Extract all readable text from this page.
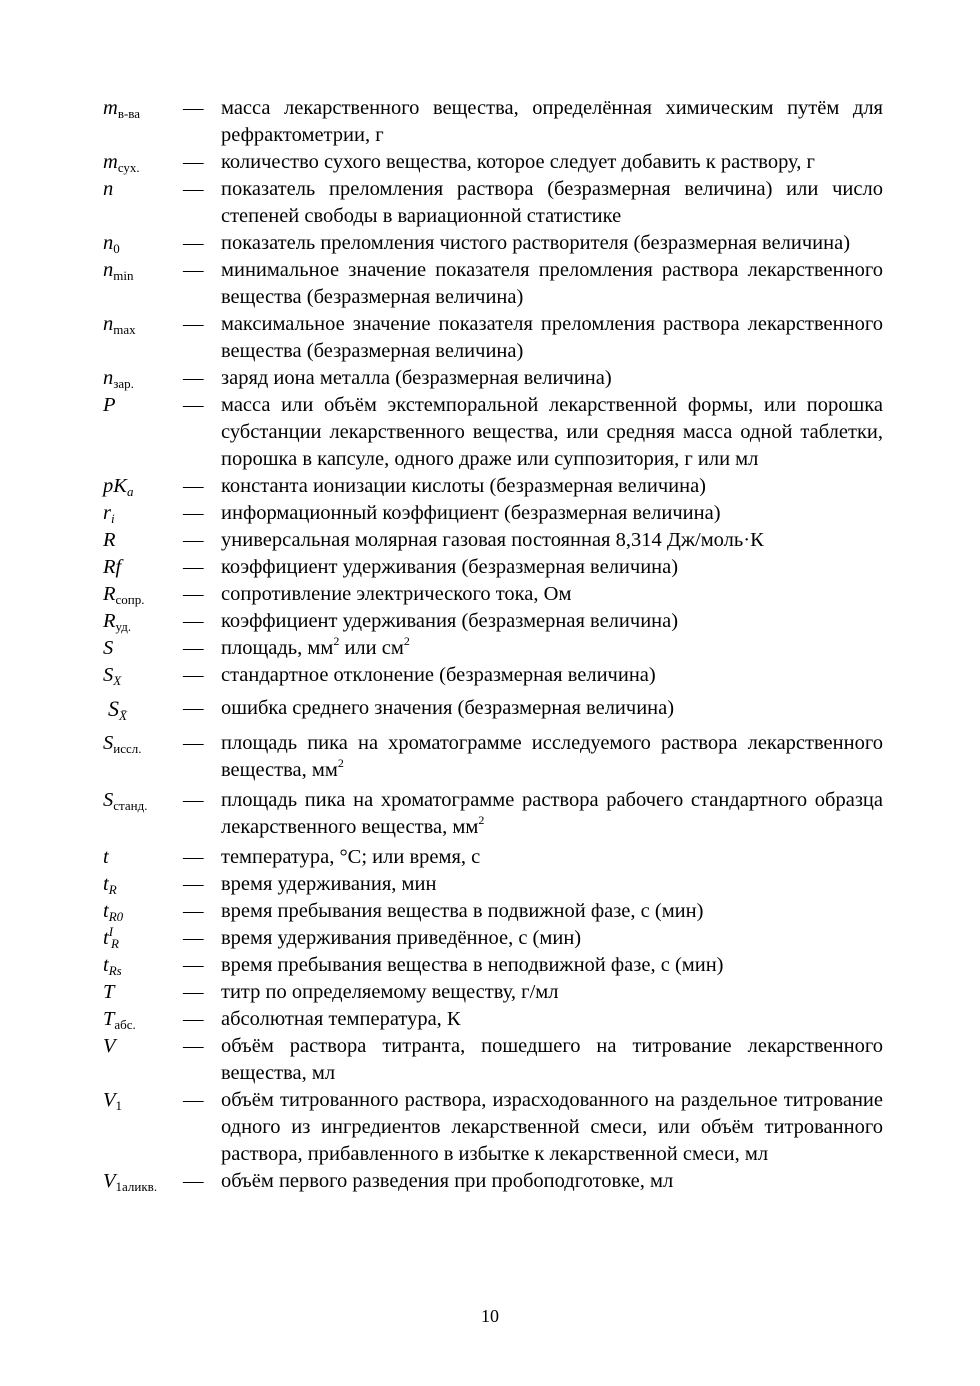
$m_{в-ва}$	— масса лекарственного вещества, определённая химическим путём для рефрактометрии, г
$m_{сух.}$	— количество сухого вещества, которое следует добавить к раствору, г
n	— показатель преломления раствора (безразмерная величина) или число степеней свободы в вариационной статистике
$n_0$	— показатель преломления чистого растворителя (безразмерная величина)
$n_{min}$	— минимальное значение показателя преломления раствора лекарственного вещества (безразмерная величина)
$n_{max}$	— максимальное значение показателя преломления раствора лекарственного вещества (безразмерная величина)
$n_{зар.}$	— заряд иона металла (безразмерная величина)
P	— масса или объём экстемпоральной лекарственной формы, или порошка субстанции лекарственного вещества, или средняя масса одной таблетки, порошка в капсуле, одного драже или суппозитория, г или мл
$pK_a$	— константа ионизации кислоты (безразмерная величина)
$r_i$	— информационный коэффициент (безразмерная величина)
R	— универсальная молярная газовая постоянная 8,314 Дж/моль·К
Rf	— коэффициент удерживания (безразмерная величина)
$R_{сопр.}$	— сопротивление электрического тока, Ом
$R_{уд.}$	— коэффициент удерживания (безразмерная величина)
S	— площадь, $мм^2$ или $см^2$
$S_X$	— стандартное отклонение (безразмерная величина)
$S_{X̄}$	— ошибка среднего значения (безразмерная величина)
$S_{иссл.}$	— площадь пика на хроматограмме исследуемого раствора лекарственного вещества, $мм^2$
$S_{станд.}$	— площадь пика на хроматограмме раствора рабочего стандартного образца лекарственного вещества, $мм^2$
t	— температура, °С; или время, с
$t_R$	— время удерживания, мин
$t_{R0}$	— время пребывания вещества в подвижной фазе, с (мин)
$t^I_R$	— время удерживания приведённое, с (мин)
$t_{Rs}$	— время пребывания вещества в неподвижной фазе, с (мин)
T	— титр по определяемому веществу, г/мл
$T_{абс.}$	— абсолютная температура, К
V	— объём раствора титранта, пошедшего на титрование лекарственного вещества, мл
$V_1$	— объём титрованного раствора, израсходованного на раздельное титрование одного из ингредиентов лекарственной смеси, или объём титрованного раствора, прибавленного в избытке к лекарственной смеси, мл
$V_{1аликв.}$	— объём первого разведения при пробоподготовке, мл
10
